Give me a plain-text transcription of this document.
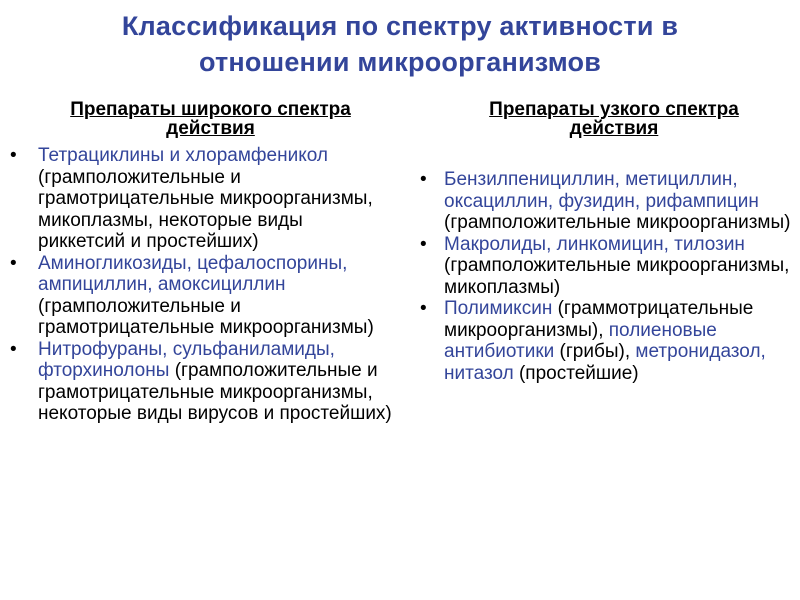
Классификация по спектру активности в
отношении микроорганизмов
Препараты широкого спектра
действия
• Тетрациклины и хлорамфеникол (грамположительные и грамотрицательные микроорганизмы, микоплазмы, некоторые виды риккетсий и простейших)
• Аминогликозиды, цефалоспорины, ампициллин, амоксициллин (грамположительные и грамотрицательные микроорганизмы)
• Нитрофураны, сульфаниламиды, фторхинолоны (грамположительные и грамотрицательные микроорганизмы, некоторые виды вирусов и простейших)
Препараты узкого спектра
действия
• Бензилпенициллин, метициллин, оксациллин, фузидин, рифампицин (грамположительные микроорганизмы)
• Макролиды, линкомицин, тилозин (грамположительные микроорганизмы, микоплазмы)
• Полимиксин (граммотрицательные микроорганизмы), полиеновые антибиотики (грибы), метронидазол, нитазол (простейшие)
